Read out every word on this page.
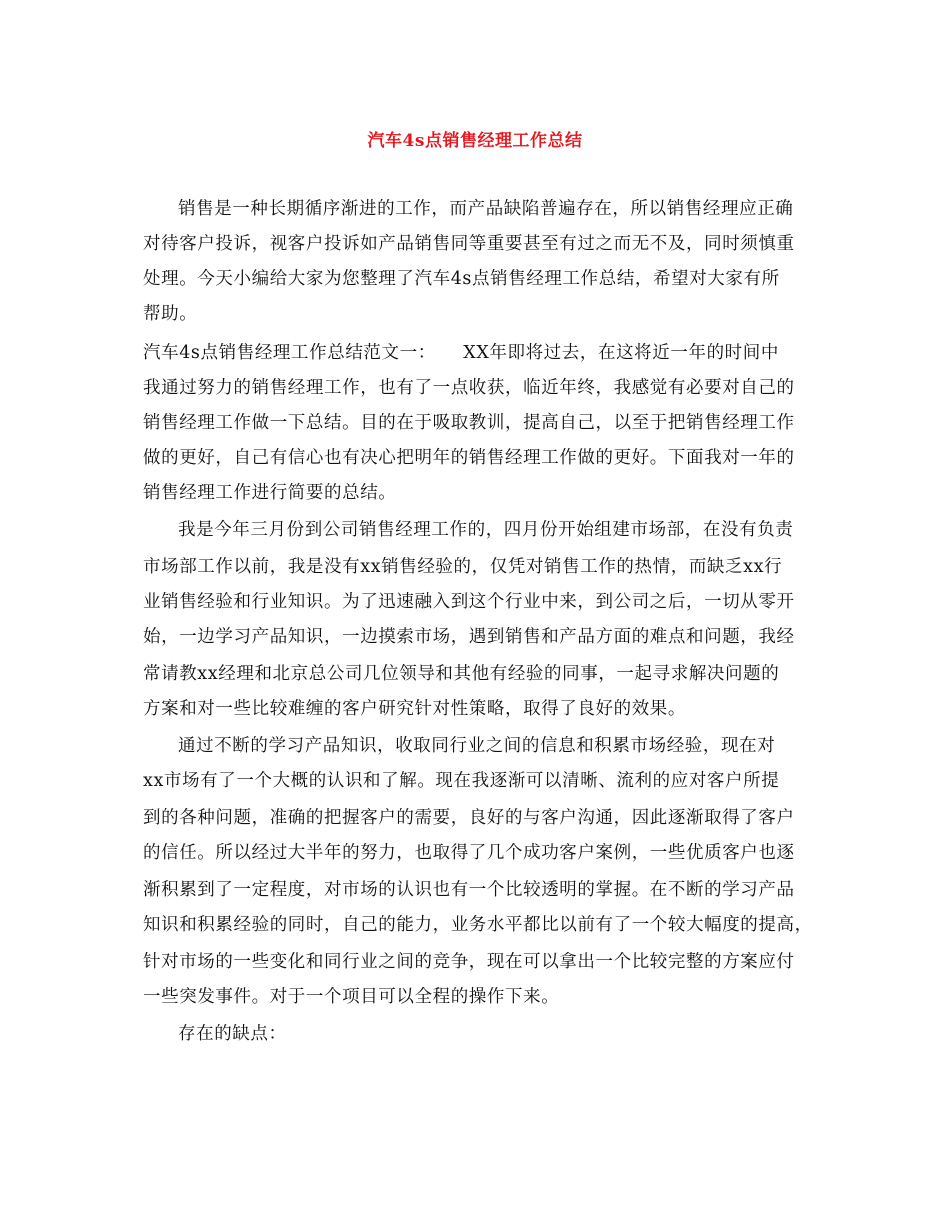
汽车4s点销售经理工作总结
销售是一种长期循序渐进的工作，而产品缺陷普遍存在，所以销售经理应正确
对待客户投诉，视客户投诉如产品销售同等重要甚至有过之而无不及，同时须慎重
处理。今天小编给大家为您整理了汽车4s点销售经理工作总结，希望对大家有所
帮助。
汽车4s点销售经理工作总结范文一：　　XX年即将过去，在这将近一年的时间中
我通过努力的销售经理工作，也有了一点收获，临近年终，我感觉有必要对自己的
销售经理工作做一下总结。目的在于吸取教训，提高自己，以至于把销售经理工作
做的更好，自己有信心也有决心把明年的销售经理工作做的更好。下面我对一年的
销售经理工作进行简要的总结。
我是今年三月份到公司销售经理工作的，四月份开始组建市场部，在没有负责
市场部工作以前，我是没有xx销售经验的，仅凭对销售工作的热情，而缺乏xx行
业销售经验和行业知识。为了迅速融入到这个行业中来，到公司之后，一切从零开
始，一边学习产品知识，一边摸索市场，遇到销售和产品方面的难点和问题，我经
常请教xx经理和北京总公司几位领导和其他有经验的同事，一起寻求解决问题的
方案和对一些比较难缠的客户研究针对性策略，取得了良好的效果。
通过不断的学习产品知识，收取同行业之间的信息和积累市场经验，现在对
xx市场有了一个大概的认识和了解。现在我逐渐可以清晰、流利的应对客户所提
到的各种问题，准确的把握客户的需要，良好的与客户沟通，因此逐渐取得了客户
的信任。所以经过大半年的努力，也取得了几个成功客户案例，一些优质客户也逐
渐积累到了一定程度，对市场的认识也有一个比较透明的掌握。在不断的学习产品
知识和积累经验的同时，自己的能力，业务水平都比以前有了一个较大幅度的提高，
针对市场的一些变化和同行业之间的竞争，现在可以拿出一个比较完整的方案应付
一些突发事件。对于一个项目可以全程的操作下来。
存在的缺点：
